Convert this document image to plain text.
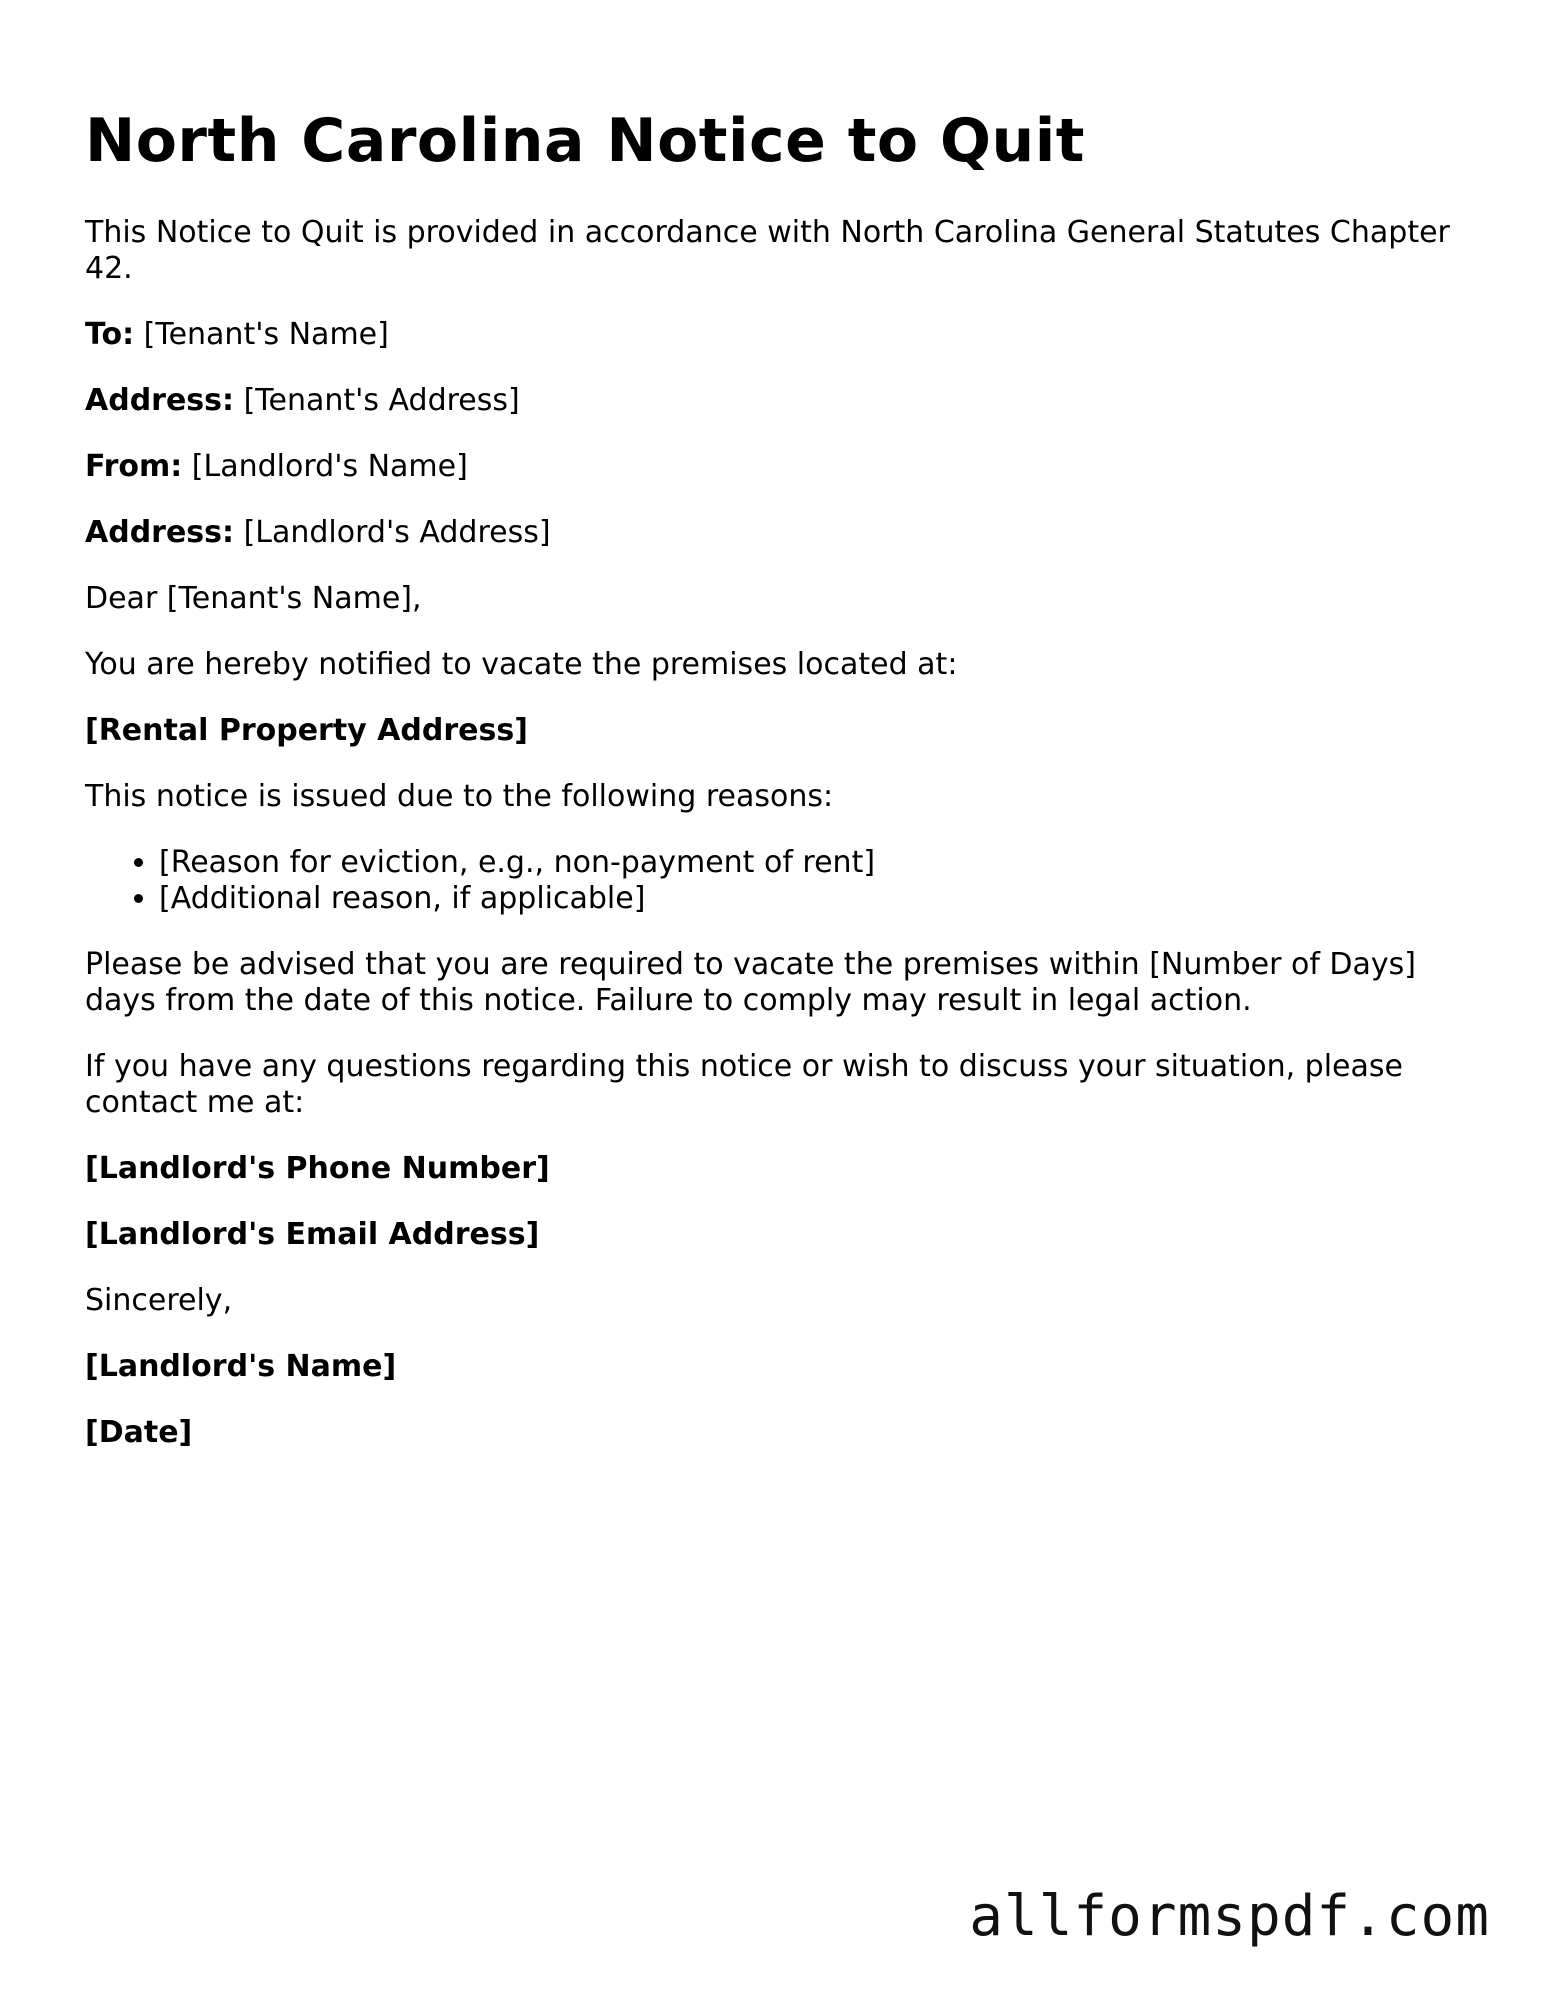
North Carolina Notice to Quit

This Notice to Quit is provided in accordance with North Carolina General Statutes Chapter 42.

To: [Tenant's Name]

Address: [Tenant's Address]

From: [Landlord's Name]

Address: [Landlord's Address]

Dear [Tenant's Name],

You are hereby notified to vacate the premises located at:

[Rental Property Address]

This notice is issued due to the following reasons:

• [Reason for eviction, e.g., non-payment of rent]
• [Additional reason, if applicable]

Please be advised that you are required to vacate the premises within [Number of Days] days from the date of this notice. Failure to comply may result in legal action.

If you have any questions regarding this notice or wish to discuss your situation, please contact me at:

[Landlord's Phone Number]

[Landlord's Email Address]

Sincerely,

[Landlord's Name]

[Date]

allformspdf.com
